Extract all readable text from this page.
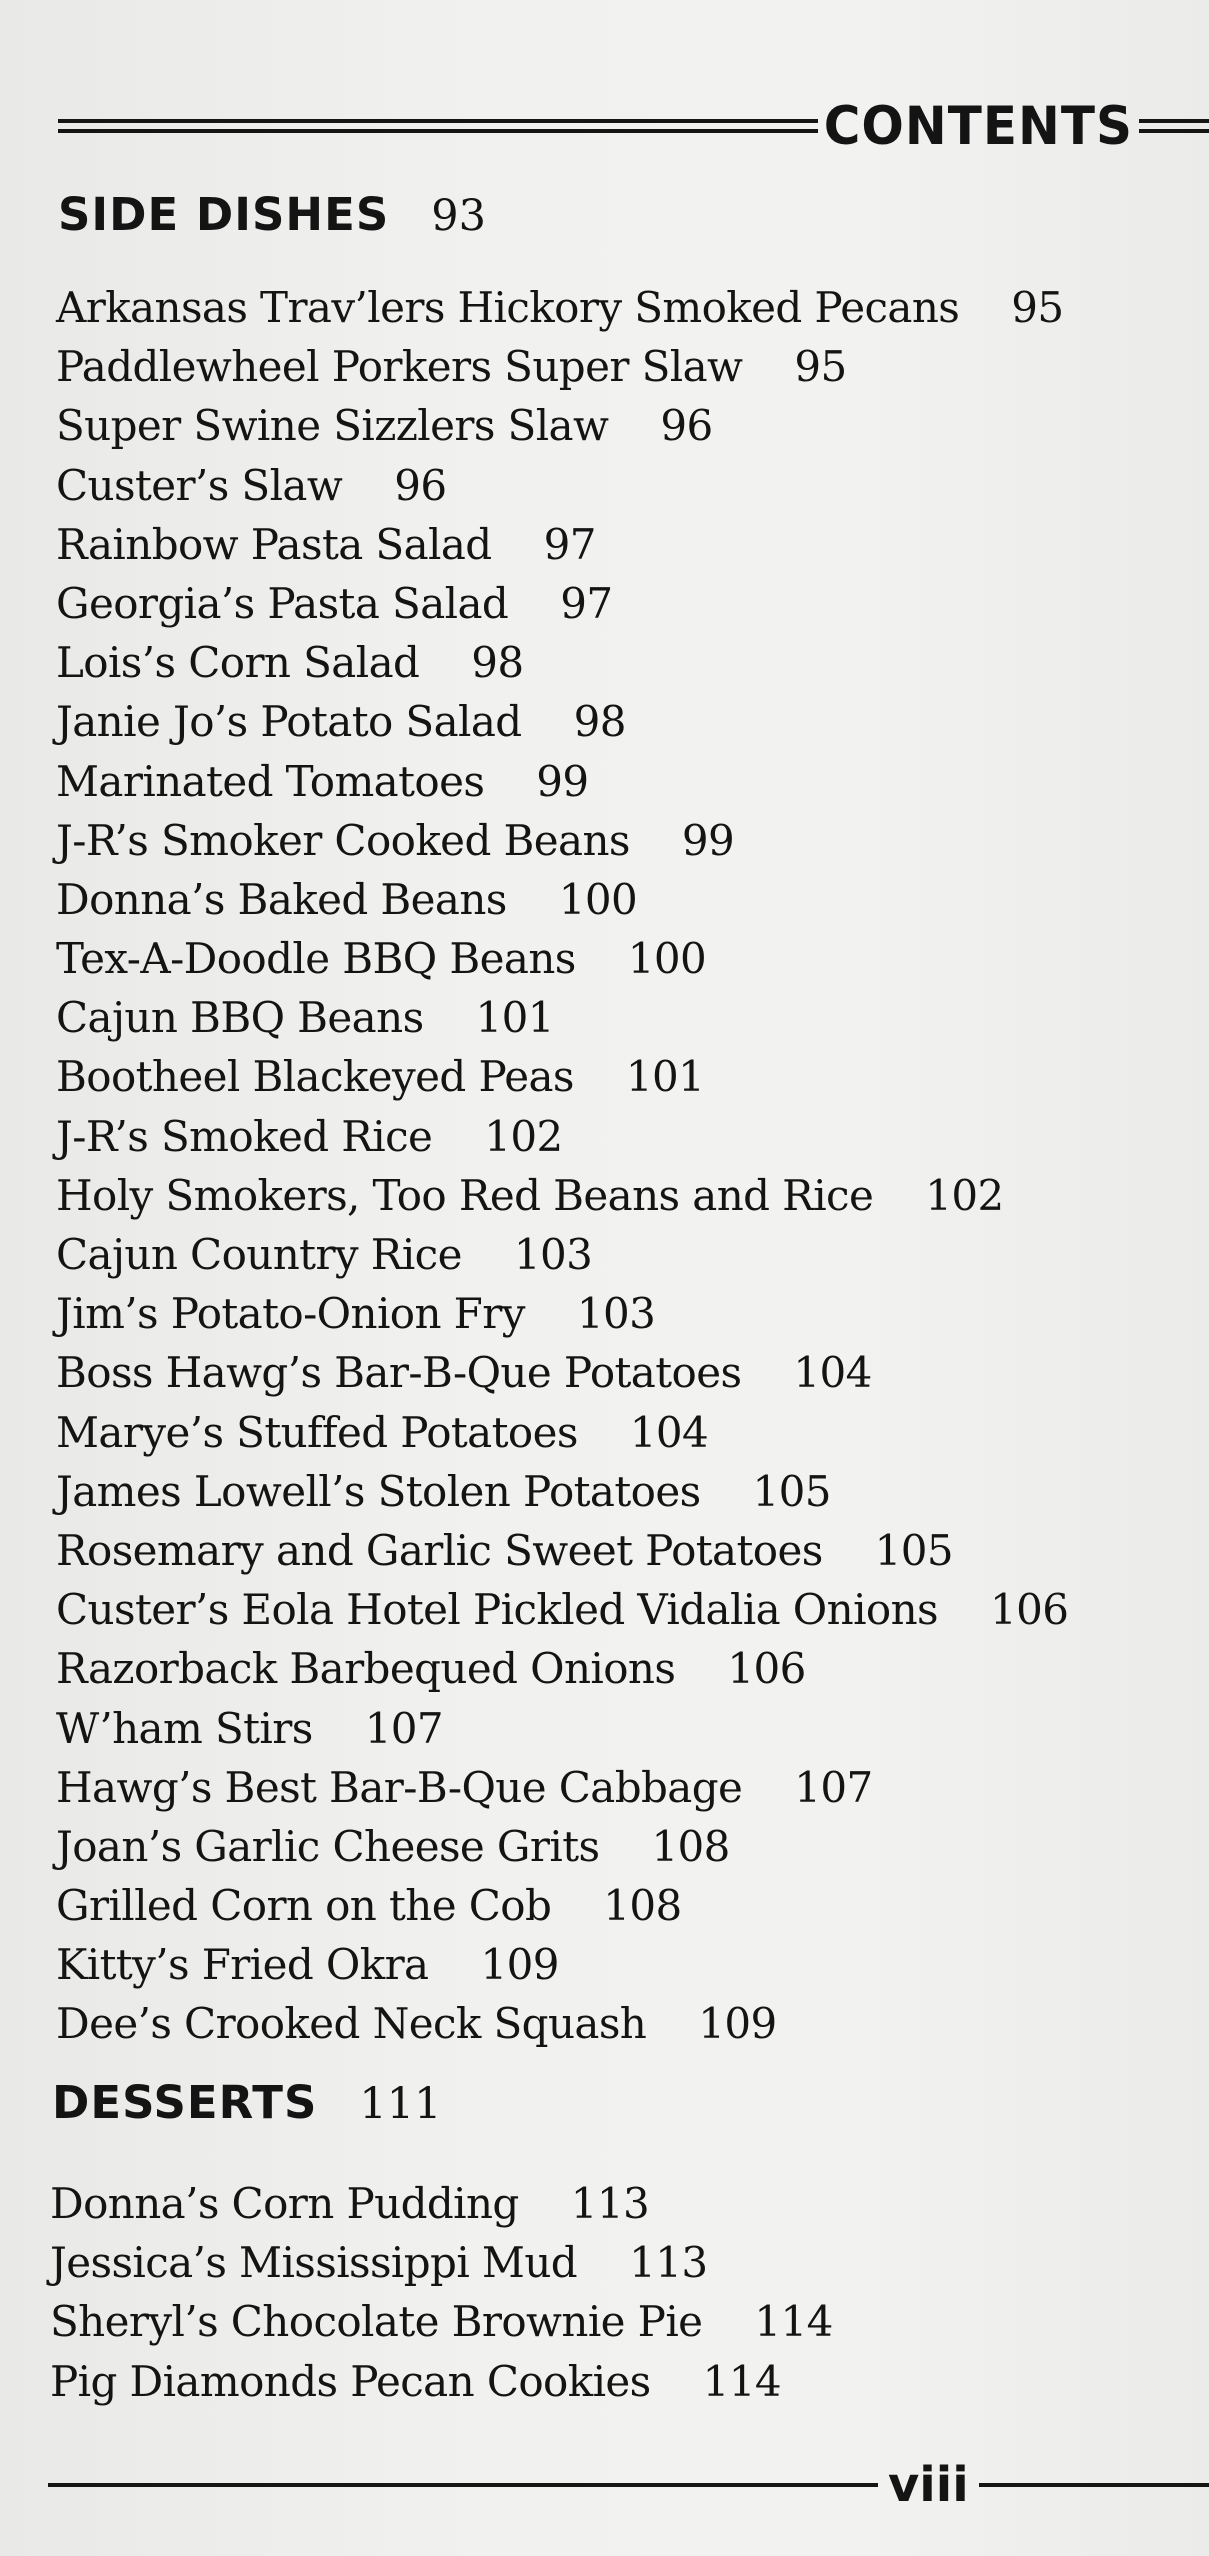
CONTENTS
SIDE DISHES 93
Arkansas Trav’lers Hickory Smoked Pecans 95
Paddlewheel Porkers Super Slaw 95
Super Swine Sizzlers Slaw 96
Custer’s Slaw 96
Rainbow Pasta Salad 97
Georgia’s Pasta Salad 97
Lois’s Corn Salad 98
Janie Jo’s Potato Salad 98
Marinated Tomatoes 99
J-R’s Smoker Cooked Beans 99
Donna’s Baked Beans 100
Tex-A-Doodle BBQ Beans 100
Cajun BBQ Beans 101
Bootheel Blackeyed Peas 101
J-R’s Smoked Rice 102
Holy Smokers, Too Red Beans and Rice 102
Cajun Country Rice 103
Jim’s Potato-Onion Fry 103
Boss Hawg’s Bar-B-Que Potatoes 104
Marye’s Stuffed Potatoes 104
James Lowell’s Stolen Potatoes 105
Rosemary and Garlic Sweet Potatoes 105
Custer’s Eola Hotel Pickled Vidalia Onions 106
Razorback Barbequed Onions 106
W’ham Stirs 107
Hawg’s Best Bar-B-Que Cabbage 107
Joan’s Garlic Cheese Grits 108
Grilled Corn on the Cob 108
Kitty’s Fried Okra 109
Dee’s Crooked Neck Squash 109
DESSERTS 111
Donna’s Corn Pudding 113
Jessica’s Mississippi Mud 113
Sheryl’s Chocolate Brownie Pie 114
Pig Diamonds Pecan Cookies 114
viii
